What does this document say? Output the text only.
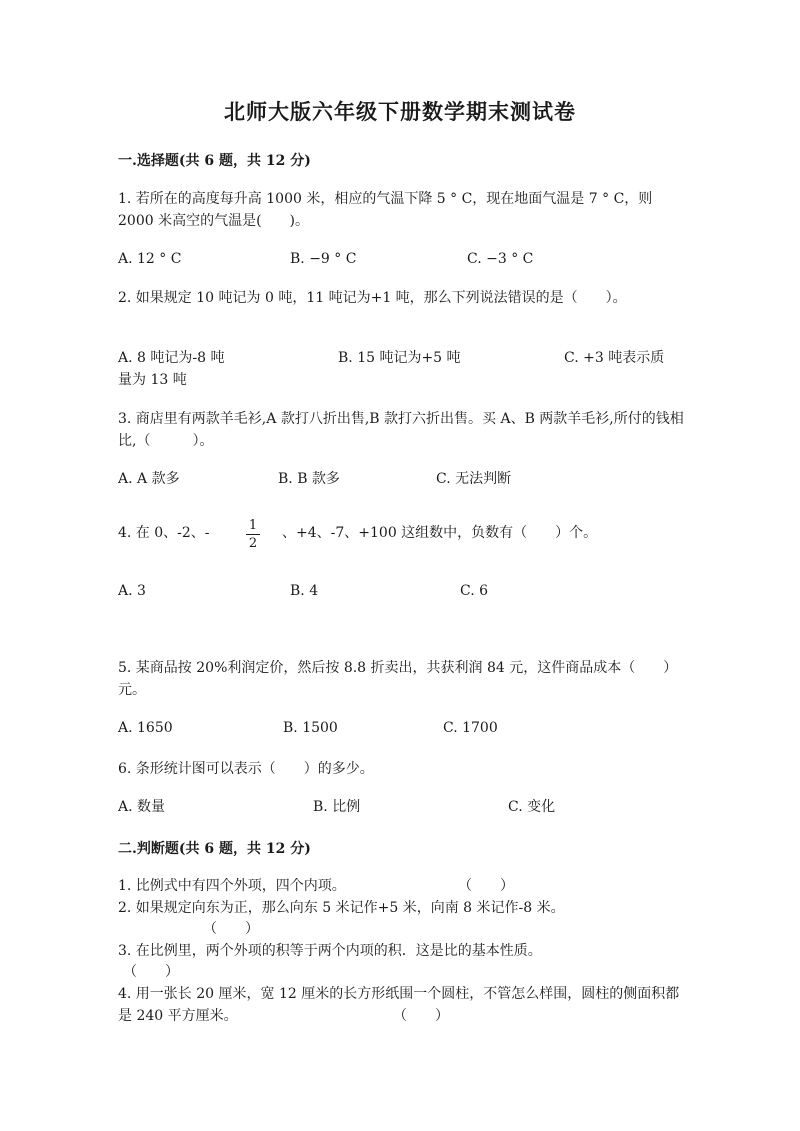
北师大版六年级下册数学期末测试卷
一.选择题(共 6 题，共 12 分)
1. 若所在的高度每升高 1000 米，相应的气温下降 5 ° C，现在地面气温是 7 ° C，则 2000 米高空的气温是(　　)。
A. 12 ° C	B. −9 ° C	C. −3 ° C
2. 如果规定 10 吨记为 0 吨，11 吨记为+1 吨，那么下列说法错误的是（　　）。
A. 8 吨记为-8 吨	B. 15 吨记为+5 吨	C. +3 吨表示质
量为 13 吨
3. 商店里有两款羊毛衫,A 款打八折出售,B 款打六折出售。买 A、B 两款羊毛衫,所付的钱相比,（　　　）。
A. A 款多	B. B 款多	C. 无法判断
4. 在 0、-2、-	1
2
、+4、-7、+100 这组数中，负数有（　　）个。
A. 3	B. 4	C. 6
5. 某商品按 20%利润定价，然后按 8.8 折卖出，共获利润 84 元，这件商品成本（　　）元。
A. 1650	B. 1500	C. 1700
6. 条形统计图可以表示（　　）的多少。
A. 数量	B. 比例	C. 变化
二.判断题(共 6 题，共 12 分)
1. 比例式中有四个外项，四个内项。	（　　）
2. 如果规定向东为正，那么向东 5 米记作+5 米，向南 8 米记作-8 米。
（　　）
3. 在比例里，两个外项的积等于两个内项的积．这是比的基本性质。
（　　）
4. 用一张长 20 厘米，宽 12 厘米的长方形纸围一个圆柱，不管怎么样围，圆柱的侧面积都是 240 平方厘米。	（　　）
